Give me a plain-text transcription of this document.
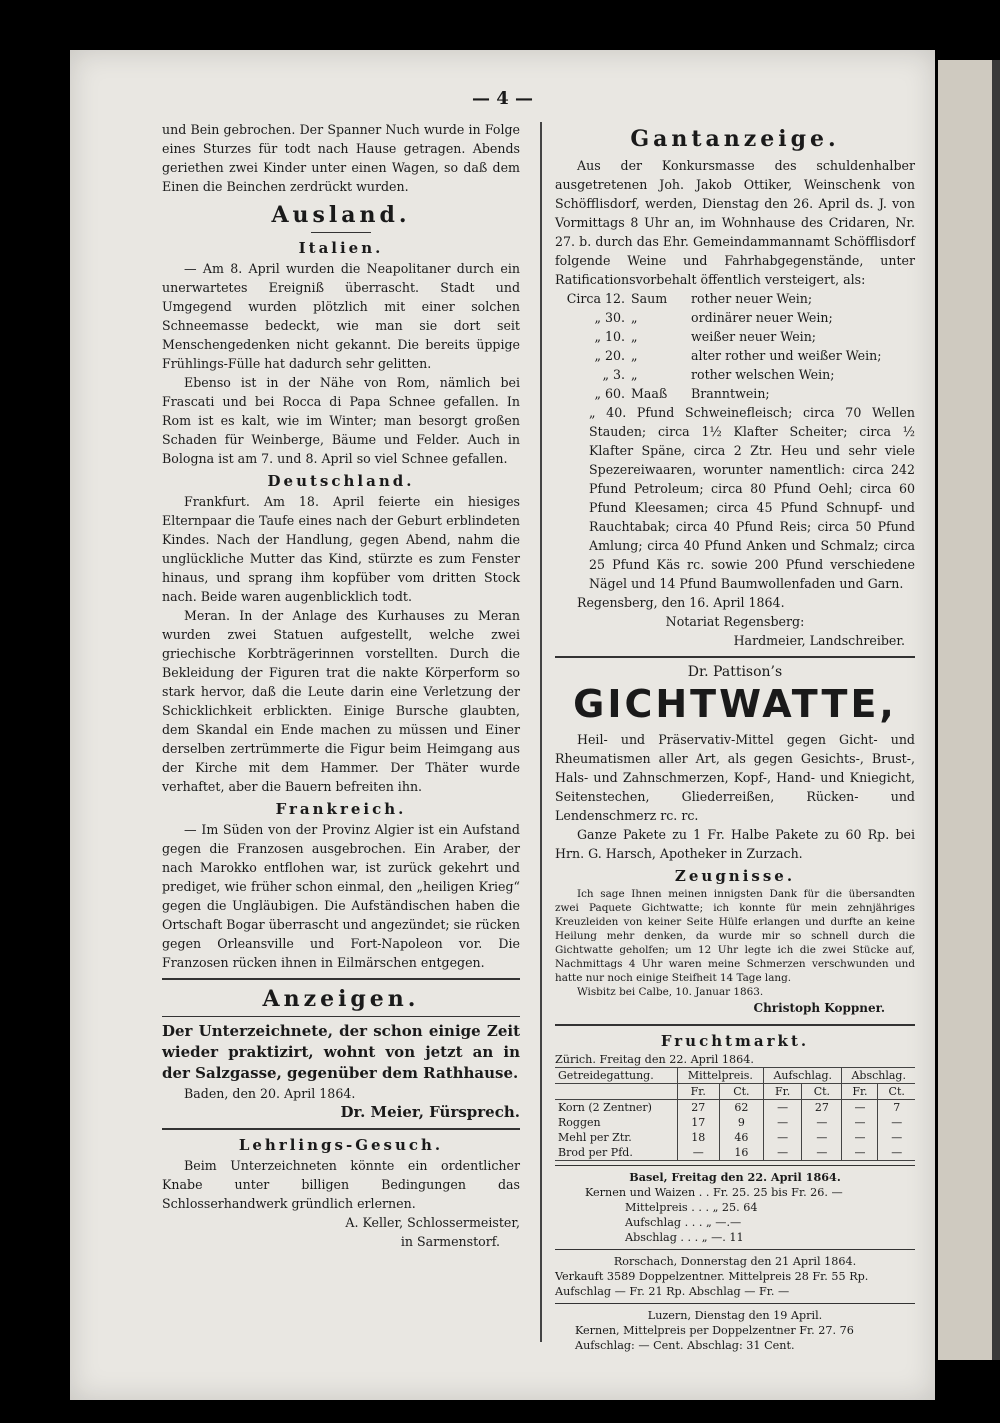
— 4 —

und Bein gebrochen. Der Spanner Nuch wurde in Folge eines Sturzes für todt nach Hause getragen. Abends geriethen zwei Kinder unter einen Wagen, so daß dem Einen die Beinchen zerdrückt wurden.

Ausland.
Italien.

— Am 8. April wurden die Neapolitaner durch ein unerwartetes Ereigniß überrascht. Stadt und Umgegend wurden plötzlich mit einer solchen Schneemasse bedeckt, wie man sie dort seit Menschengedenken nicht gekannt. Die bereits üppige Frühlings-Fülle hat dadurch sehr gelitten.

Ebenso ist in der Nähe von Rom, nämlich bei Frascati und bei Rocca di Papa Schnee gefallen. In Rom ist es kalt, wie im Winter; man besorgt großen Schaden für Weinberge, Bäume und Felder. Auch in Bologna ist am 7. und 8. April so viel Schnee gefallen.

Deutschland.

Frankfurt. Am 18. April feierte ein hiesiges Elternpaar die Taufe eines nach der Geburt erblindeten Kindes. Nach der Handlung, gegen Abend, nahm die unglückliche Mutter das Kind, stürzte es zum Fenster hinaus, und sprang ihm kopfüber vom dritten Stock nach. Beide waren augenblicklich todt.

Meran. In der Anlage des Kurhauses zu Meran wurden zwei Statuen aufgestellt, welche zwei griechische Korbträgerinnen vorstellten. Durch die Bekleidung der Figuren trat die nakte Körperform so stark hervor, daß die Leute darin eine Verletzung der Schicklichkeit erblickten. Einige Bursche glaubten, dem Skandal ein Ende machen zu müssen und Einer derselben zertrümmerte die Figur beim Heimgang aus der Kirche mit dem Hammer. Der Thäter wurde verhaftet, aber die Bauern befreiten ihn.

Frankreich.

— Im Süden von der Provinz Algier ist ein Aufstand gegen die Franzosen ausgebrochen. Ein Araber, der nach Marokko entflohen war, ist zurück gekehrt und prediget, wie früher schon einmal, den „heiligen Krieg“ gegen die Ungläubigen. Die Aufständischen haben die Ortschaft Bogar überrascht und angezündet; sie rücken gegen Orleansville und Fort-Napoleon vor. Die Franzosen rücken ihnen in Eilmärschen entgegen.

Anzeigen.

Der Unterzeichnete, der schon einige Zeit wieder praktizirt, wohnt von jetzt an in der Salzgasse, gegenüber dem Rathhause.

Baden, den 20. April 1864.

Dr. Meier, Fürsprech.

Lehrlings-Gesuch.

Beim Unterzeichneten könnte ein ordentlicher Knabe unter billigen Bedingungen das Schlosserhandwerk gründlich erlernen.

A. Keller, Schlossermeister,

in Sarmenstorf.

Gantanzeige.

Aus der Konkursmasse des schuldenhalber ausgetretenen Joh. Jakob Ottiker, Weinschenk von Schöfflisdorf, werden, Dienstag den 26. April ds. J. von Vormittags 8 Uhr an, im Wohnhause des Cridaren, Nr. 27. b. durch das Ehr. Gemeindammannamt Schöfflisdorf folgende Weine und Fahrhabgegenstände, unter Ratificationsvorbehalt öffentlich versteigert, als:

Circa 12. Saum	rother neuer Wein;
„ 30. „	ordinärer neuer Wein;
„ 10. „	weißer neuer Wein;
„ 20. „	alter rother und weißer Wein;
„ 3. „	rother welschen Wein;
„ 60. Maaß	Branntwein;

„ 40. Pfund Schweinefleisch; circa 70 Wellen Stauden; circa 1½ Klafter Scheiter; circa ½ Klafter Späne, circa 2 Ztr. Heu und sehr viele Spezereiwaaren, worunter namentlich: circa 242 Pfund Petroleum; circa 80 Pfund Oehl; circa 60 Pfund Kleesamen; circa 45 Pfund Schnupf- und Rauchtabak; circa 40 Pfund Reis; circa 50 Pfund Amlung; circa 40 Pfund Anken und Schmalz; circa 25 Pfund Käs rc. sowie 200 Pfund verschiedene Nägel und 14 Pfund Baumwollenfaden und Garn.

Regensberg, den 16. April 1864.

Notariat Regensberg:

Hardmeier, Landschreiber.

Dr. Pattison’s
GICHTWATTE,

Heil- und Präservativ-Mittel gegen Gicht- und Rheumatismen aller Art, als gegen Gesichts-, Brust-, Hals- und Zahnschmerzen, Kopf-, Hand- und Kniegicht, Seitenstechen, Gliederreißen, Rücken- und Lendenschmerz rc. rc.

Ganze Pakete zu 1 Fr. Halbe Pakete zu 60 Rp. bei Hrn. G. Harsch, Apotheker in Zurzach.

Zeugnisse.

Ich sage Ihnen meinen innigsten Dank für die übersandten zwei Paquete Gichtwatte; ich konnte für mein zehnjähriges Kreuzleiden von keiner Seite Hülfe erlangen und durfte an keine Heilung mehr denken, da wurde mir so schnell durch die Gichtwatte geholfen; um 12 Uhr legte ich die zwei Stücke auf, Nachmittags 4 Uhr waren meine Schmerzen verschwunden und hatte nur noch einige Steifheit 14 Tage lang.

Wisbitz bei Calbe, 10. Januar 1863.

Christoph Koppner.

Fruchtmarkt.
Zürich. Freitag den 22. April 1864.
Getreidegattung.	Mittelpreis.		Aufschlag.		Abschlag.	
	Fr.	Ct.	Fr.	Ct.	Fr.	Ct.
Korn (2 Zentner)	27	62	—	27	—	7
Roggen	17	9	—	—	—	—
Mehl per Ztr.	18	46	—	—	—	—
Brod per Pfd.	—	16	—	—	—	—
Basel, Freitag den 22. April 1864.
Kernen und Waizen . . Fr. 25. 25 bis Fr. 26. —
Mittelpreis . . . „ 25. 64
Aufschlag . . . „ —.—
Abschlag . . . „ —. 11
Rorschach, Donnerstag den 21 April 1864.
Verkauft 3589 Doppelzentner. Mittelpreis 28 Fr. 55 Rp.
Aufschlag — Fr. 21 Rp. Abschlag — Fr. —
Luzern, Dienstag den 19 April.
Kernen, Mittelpreis per Doppelzentner Fr. 27. 76
Aufschlag: — Cent. Abschlag: 31 Cent.
